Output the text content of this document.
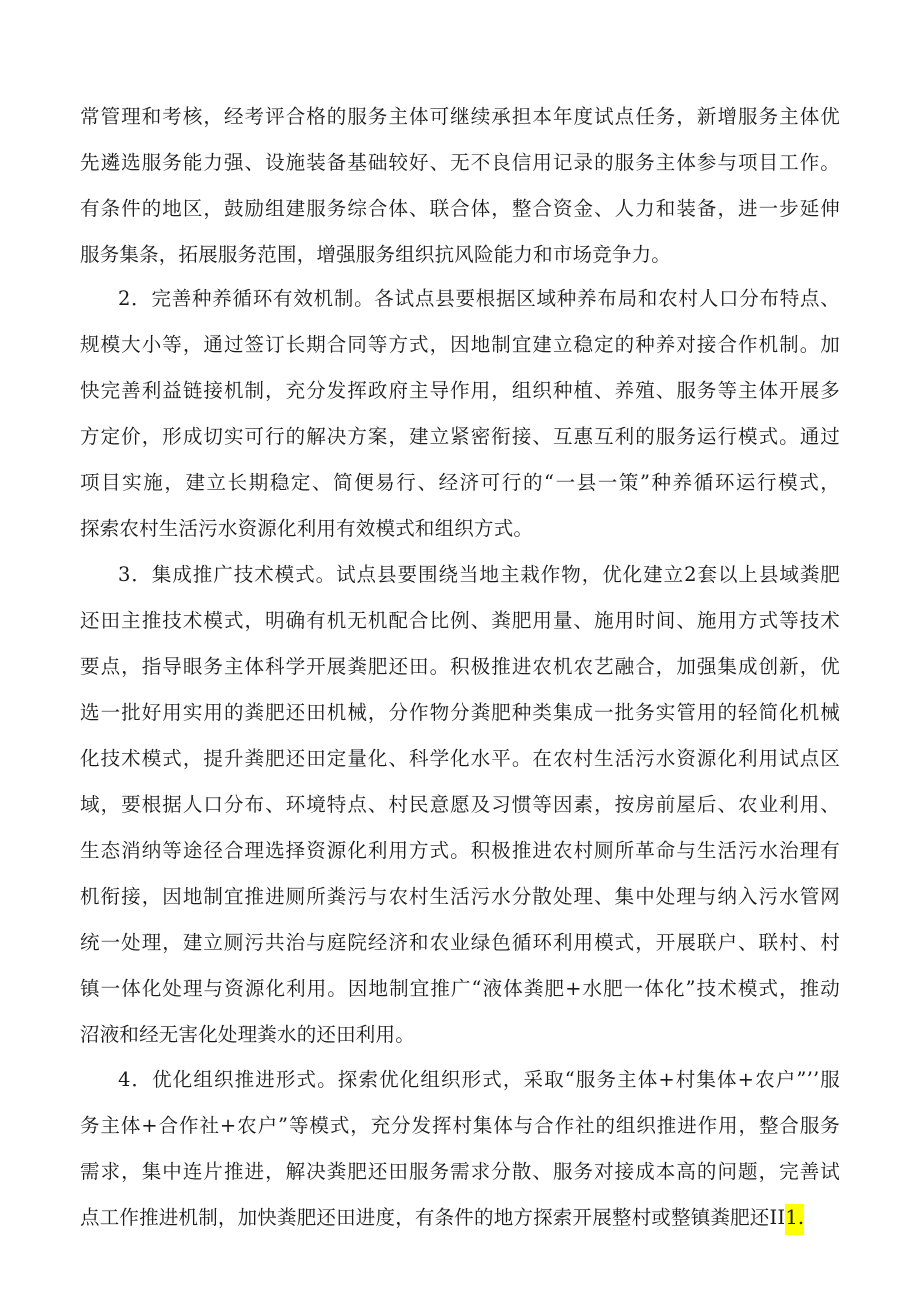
常管理和考核，经考评合格的服务主体可继续承担本年度试点任务，新增服务主体优
先遴选服务能力强、设施装备基础较好、无不良信用记录的服务主体参与项目工作。
有条件的地区，鼓励组建服务综合体、联合体，整合资金、人力和装备，进一步延伸
服务集条，拓展服务范围，增强服务组织抗风险能力和市场竞争力。
2．完善种养循环有效机制。各试点县要根据区域种养布局和农村人口分布特点、
规模大小等，通过签订长期合同等方式，因地制宜建立稳定的种养对接合作机制。加
快完善利益链接机制，充分发挥政府主导作用，组织种植、养殖、服务等主体开展多
方定价，形成切实可行的解决方案，建立紧密衔接、互惠互利的服务运行模式。通过
项目实施，建立长期稳定、简便易行、经济可行的“一县一策”种养循环运行模式，
探索农村生活污水资源化利用有效模式和组织方式。
3．集成推广技术模式。试点县要围绕当地主栽作物，优化建立2套以上县域粪肥
还田主推技术模式，明确有机无机配合比例、粪肥用量、施用时间、施用方式等技术
要点，指导眼务主体科学开展粪肥还田。积极推进农机农艺融合，加强集成创新，优
选一批好用实用的粪肥还田机械，分作物分粪肥种类集成一批务实管用的轻简化机械
化技术模式，提升粪肥还田定量化、科学化水平。在农村生活污水资源化利用试点区
域，要根据人口分布、环境特点、村民意愿及习惯等因素，按房前屋后、农业利用、
生态消纳等途径合理选择资源化利用方式。积极推进农村厕所革命与生活污水治理有
机衔接，因地制宜推进厕所粪污与农村生活污水分散处理、集中处理与纳入污水管网
统一处理，建立厕污共治与庭院经济和农业绿色循环利用模式，开展联户、联村、村
镇一体化处理与资源化利用。因地制宜推广“液体粪肥+水肥一体化”技术模式，推动
沼液和经无害化处理粪水的还田利用。
4．优化组织推进形式。探索优化组织形式，采取“服务主体+村集体+农户”’’服
务主体+合作社+农户”等模式，充分发挥村集体与合作社的组织推进作用，整合服务
需求，集中连片推进，解决粪肥还田服务需求分散、服务对接成本高的问题，完善试
点工作推进机制，加快粪肥还田进度，有条件的地方探索开展整村或整镇粪肥还II1.
